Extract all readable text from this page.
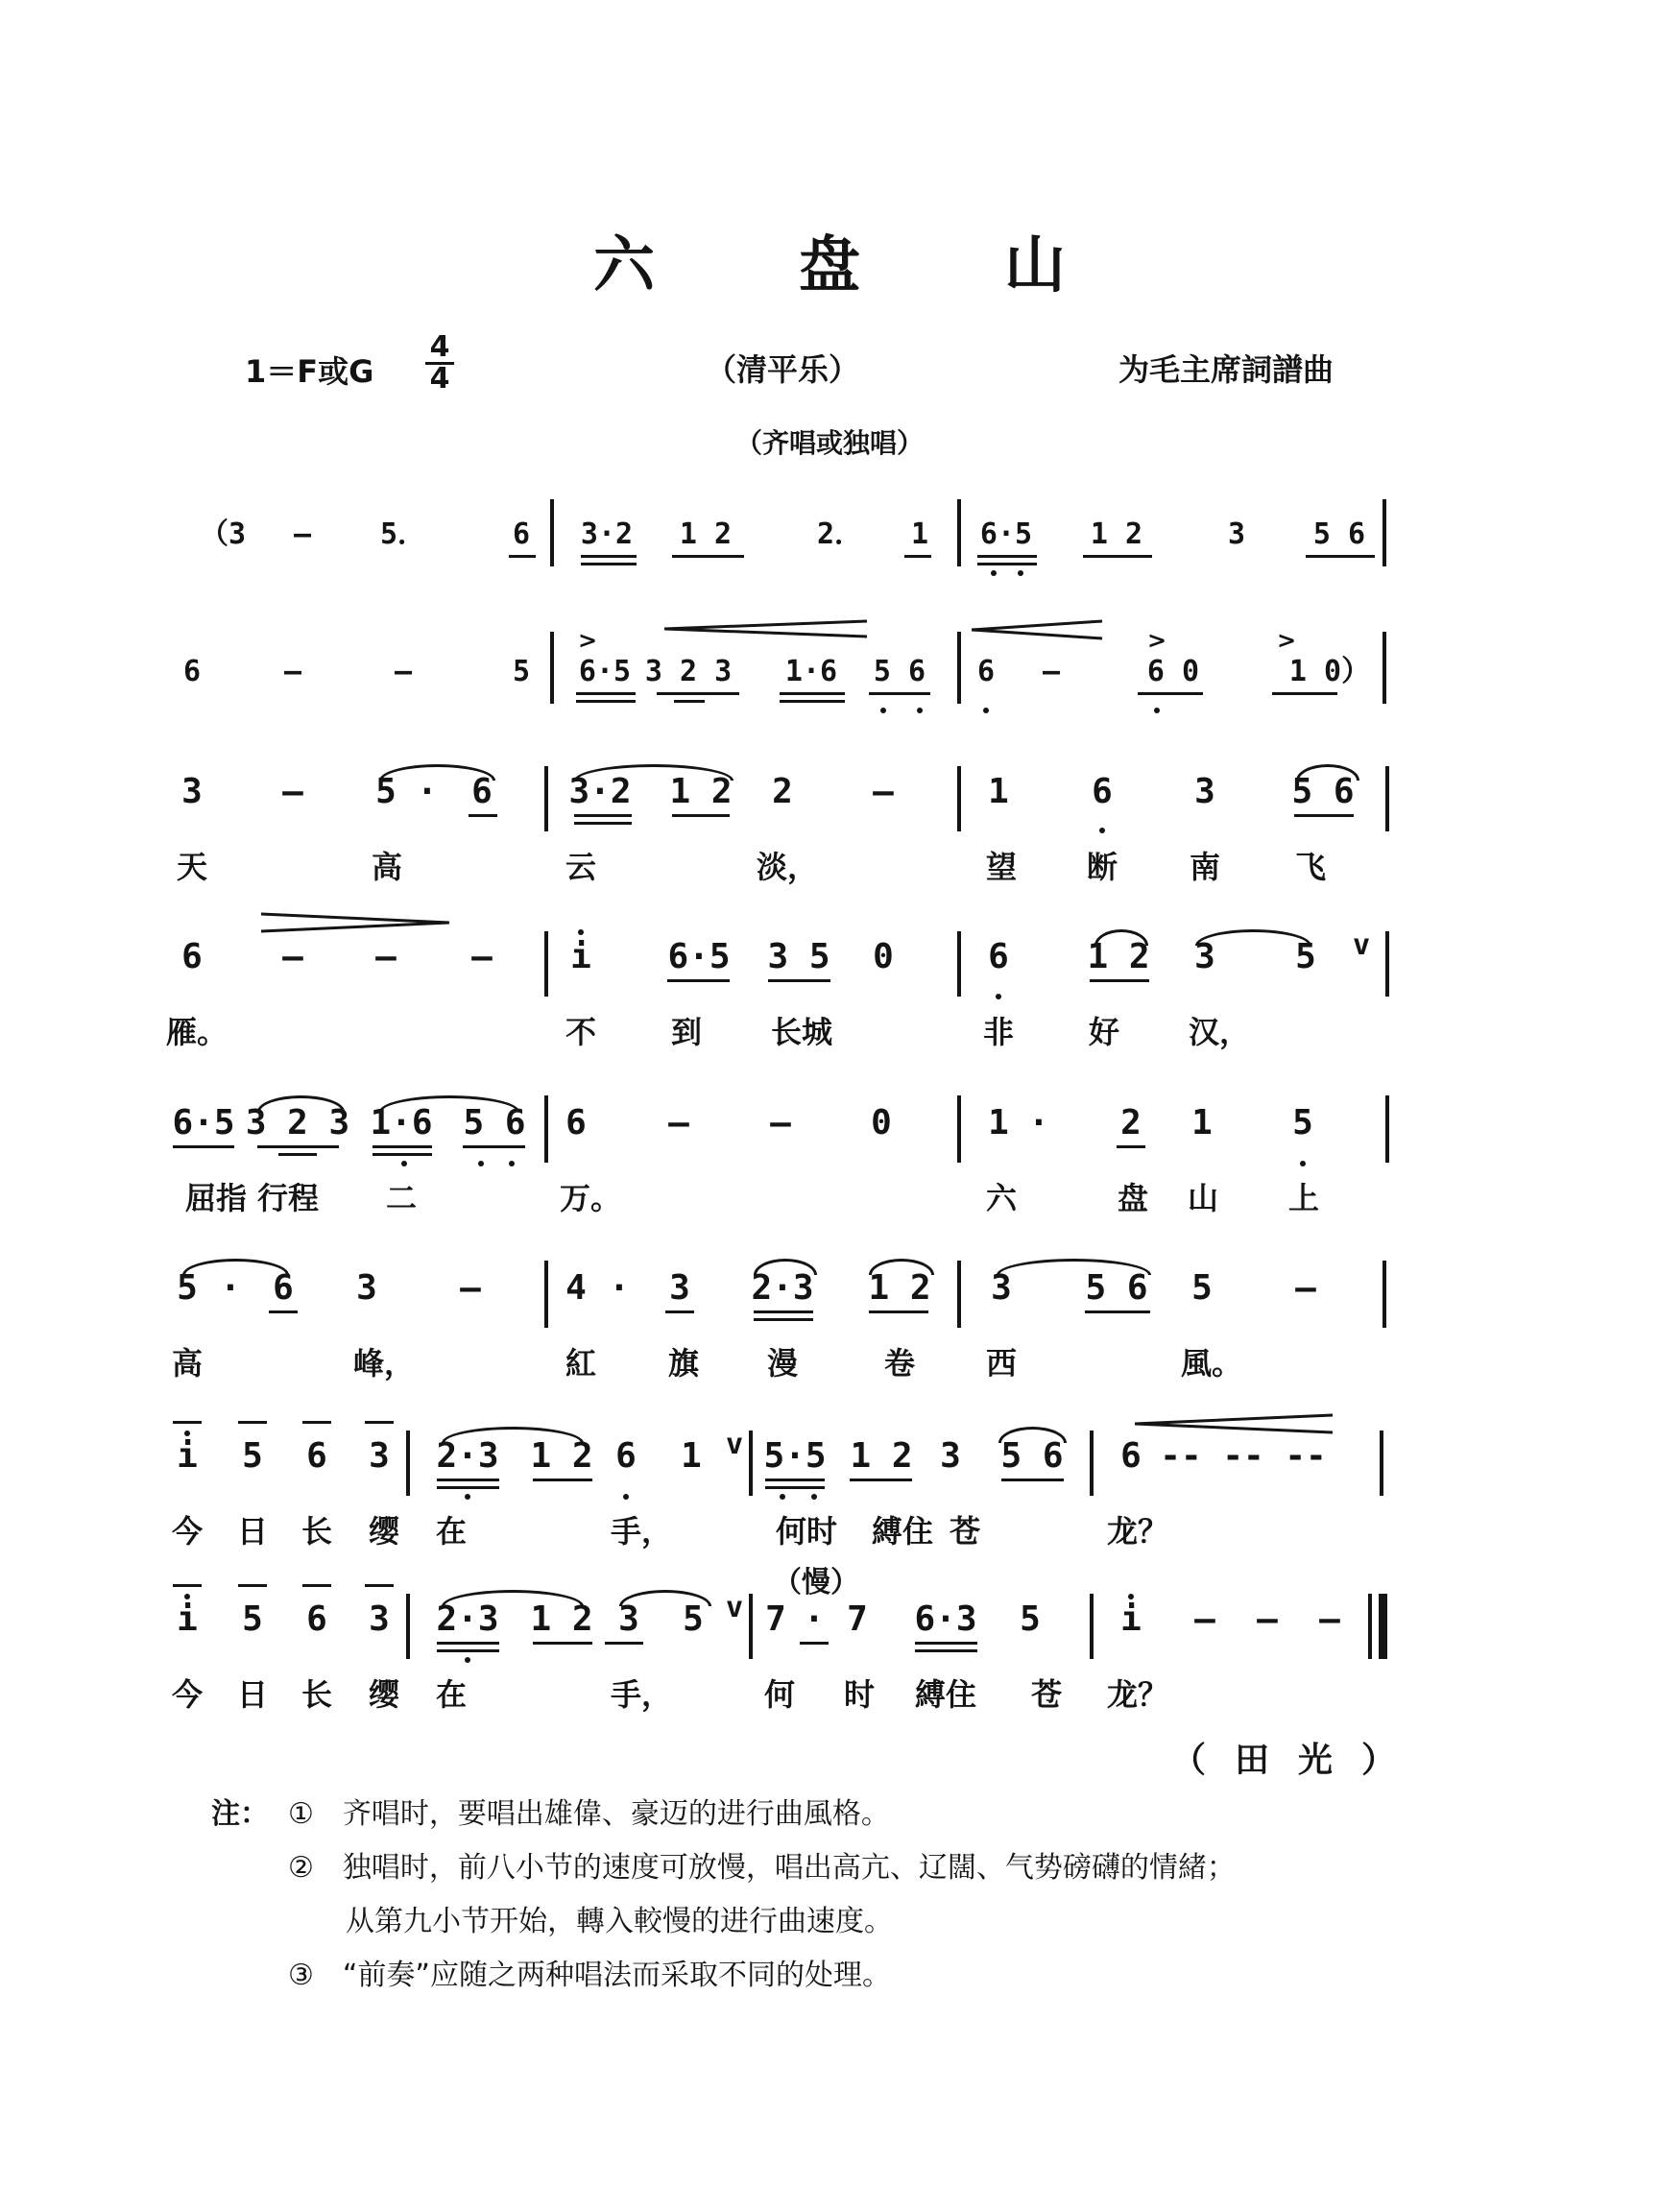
六盘山
1＝F或G
4
4	（清平乐）	为毛主席詞譜曲
（齐唱或独唱）
（3 — 5．	6 3·2 1 2	2． 1 6·5 1 2	3 5 6
6	—	—	5
>
6·5 3 2 3 1·6 5 6 6 —
>
6 0
>
1 0）
3 — 5 · 6 3·2 1 2 2 —	1 6 3 5 6
天	高	云	淡，	望 断 南 飞
6 — — — i 6·5 3 5 0	6 1 2 3 5 v
雁。	不 到 长城	非 好 汉，
6·5 3 2 3 1·6 5 6 6 — — 0	1 · 2 1 5
屈指 行程 二	万。	六	盘 山 上
5 · 6 3 — 4 · 3 2·3 1 2 3 5 6 5 —
高	峰，	紅 旗 漫	卷 西	風。
i 5 6 3 2·3 1 2 6 1 v 5·5 1 2 3 5 6 6 -- -- --
今 日 长 缨 在	手，	何时 縛住 苍	龙？
（慢）
i 5 6 3 2·3 1 2 3 5 v 7 · 7 6·3 5 i — — —
今 日 长 缨 在	手，	何 时 縛住 苍 龙？
（田光）
注： ①　齐唱时，要唱出雄偉、豪迈的进行曲風格。
②　独唱时，前八小节的速度可放慢，唱出高亢、辽闊、气势磅礴的情緒；
　　从第九小节开始，轉入較慢的进行曲速度。
③　“前奏”应随之两种唱法而采取不同的处理。
